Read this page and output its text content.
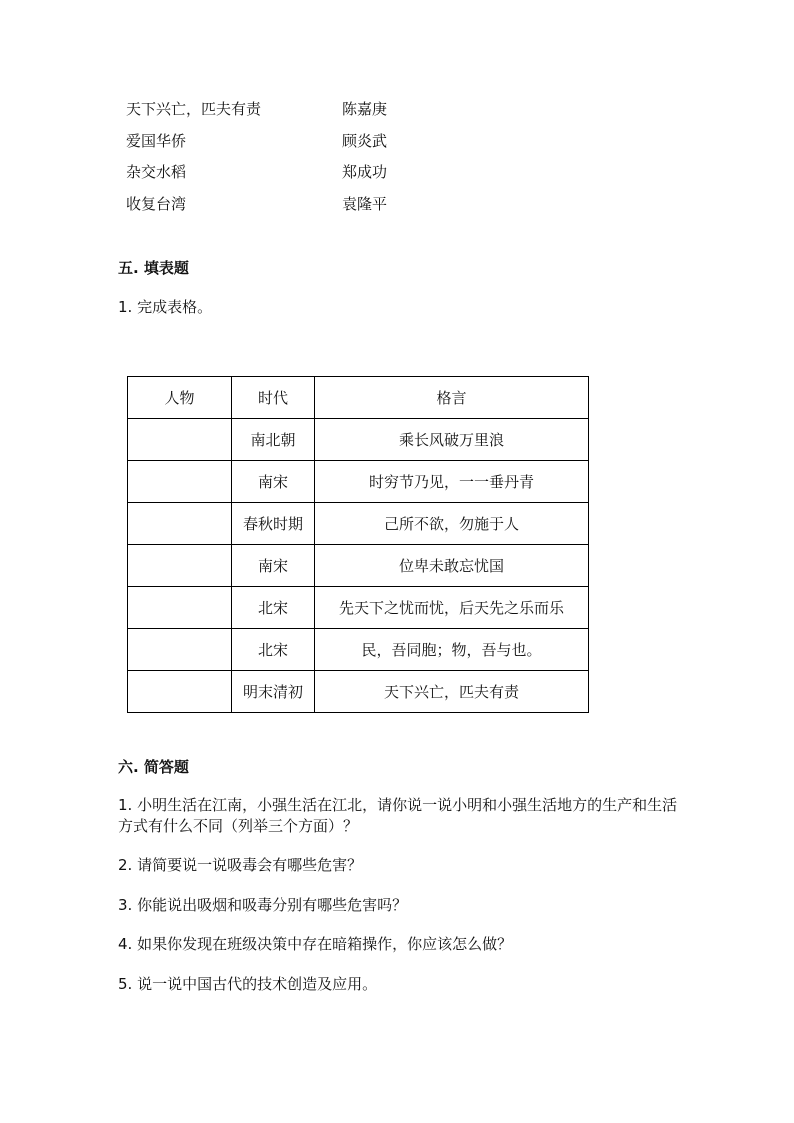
天下兴亡，匹夫有责	陈嘉庚
爱国华侨	顾炎武
杂交水稻	郑成功
收复台湾	袁隆平
五. 填表题
1. 完成表格。
人物	时代	格言
	南北朝	乘长风破万里浪
	南宋	时穷节乃见，一一垂丹青
	春秋时期	己所不欲，勿施于人
	南宋	位卑未敢忘忧国
	北宋	先天下之忧而忧，后天先之乐而乐
	北宋	民，吾同胞；物，吾与也。
	明末清初	天下兴亡，匹夫有责
六. 简答题
1. 小明生活在江南，小强生活在江北，请你说一说小明和小强生活地方的生产和生活方式有什么不同（列举三个方面）？
2. 请简要说一说吸毒会有哪些危害？
3. 你能说出吸烟和吸毒分别有哪些危害吗？
4. 如果你发现在班级决策中存在暗箱操作，你应该怎么做？
5. 说一说中国古代的技术创造及应用。
